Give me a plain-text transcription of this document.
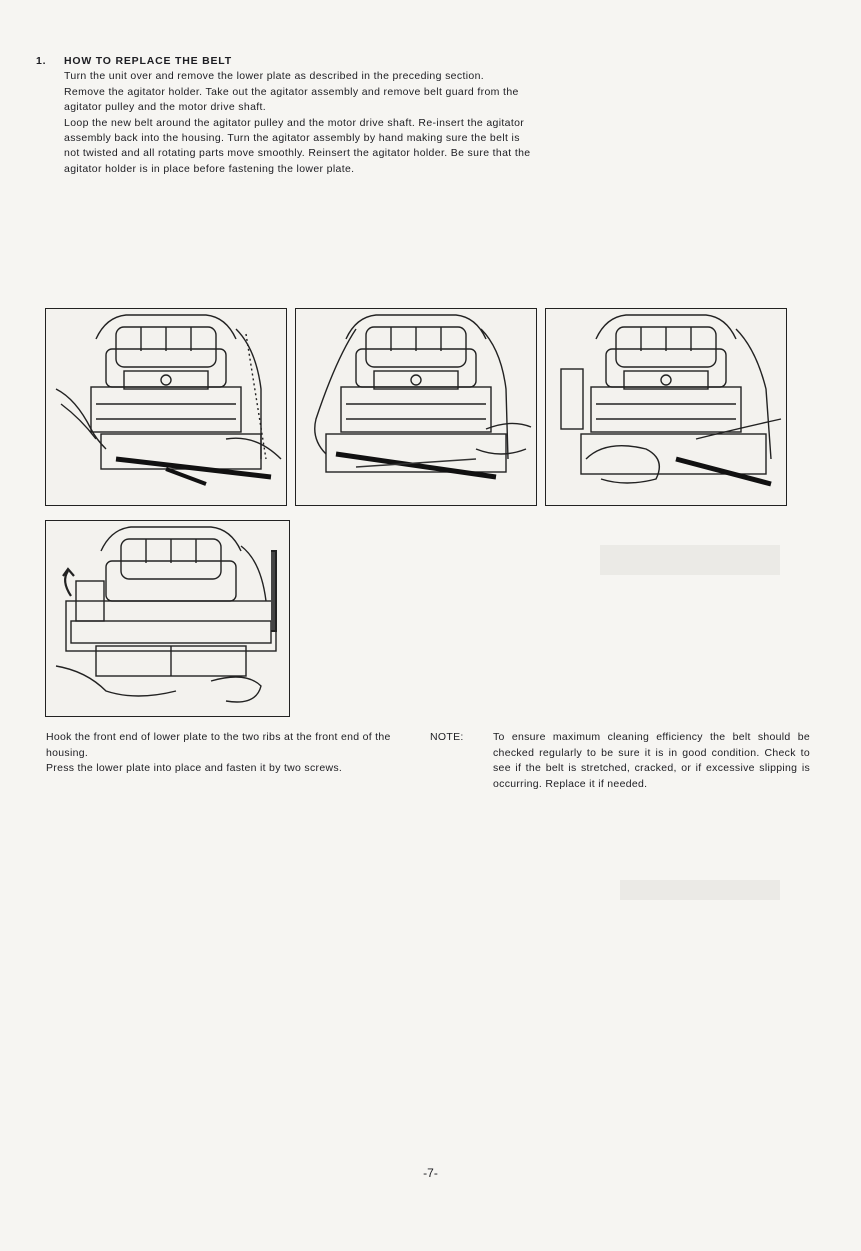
1. HOW TO REPLACE THE BELT

Turn the unit over and remove the lower plate as described in the preceding section.

Remove the agitator holder. Take out the agitator assembly and remove belt guard from the agitator pulley and the motor drive shaft.

Loop the new belt around the agitator pulley and the motor drive shaft. Re-insert the agitator assembly back into the housing. Turn the agitator assembly by hand making sure the belt is not twisted and all rotating parts move smoothly. Reinsert the agitator holder. Be sure that the agitator holder is in place before fastening the lower plate.

Hook the front end of lower plate to the two ribs at the front end of the housing.

Press the lower plate into place and fasten it by two screws.

NOTE:	To ensure maximum cleaning efficiency the belt should be checked regularly to be sure it is in good condition. Check to see if the belt is stretched, cracked, or if excessive slipping is occurring. Replace it if needed.
-7-
